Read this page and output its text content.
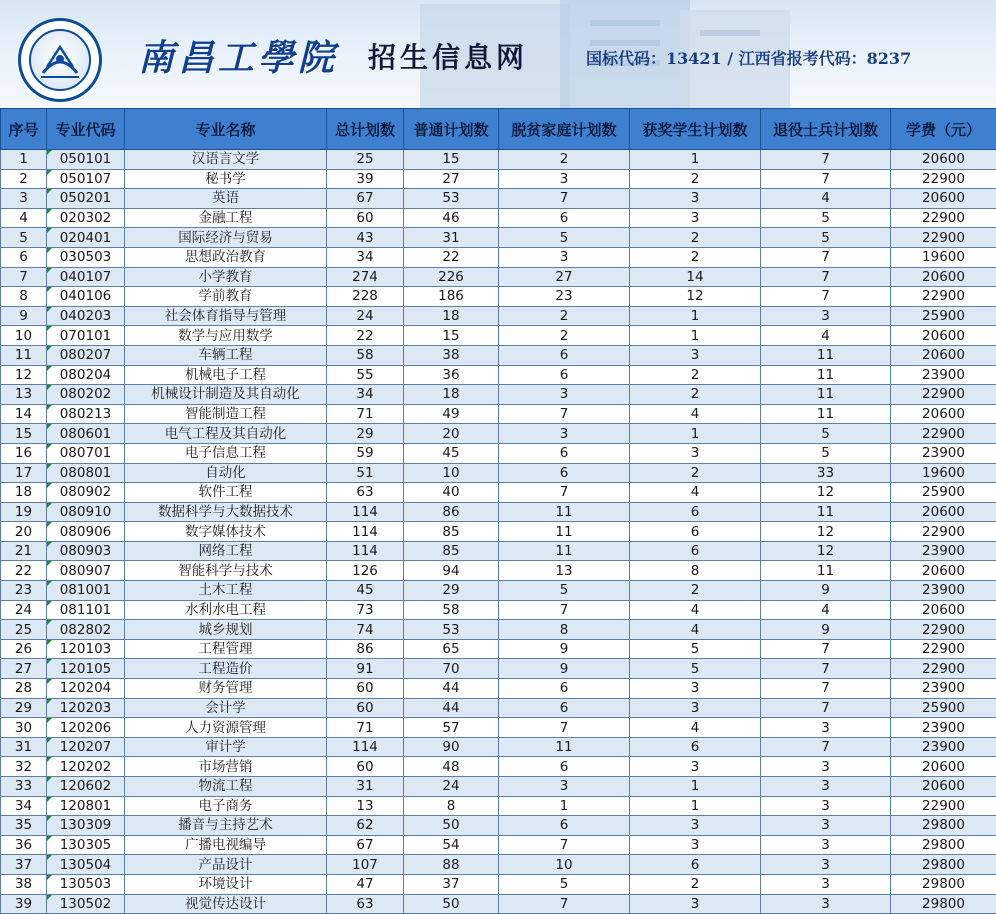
南昌工學院 招生信息网	国标代码：13421 / 江西省报考代码：8237
序号	专业代码	专业名称	总计划数	普通计划数	脱贫家庭计划数	获奖学生计划数	退役士兵计划数	学费（元）
1	050101	汉语言文学	25	15	2	1	7	20600
2	050107	秘书学	39	27	3	2	7	22900
3	050201	英语	67	53	7	3	4	20600
4	020302	金融工程	60	46	6	3	5	22900
5	020401	国际经济与贸易	43	31	5	2	5	22900
6	030503	思想政治教育	34	22	3	2	7	19600
7	040107	小学教育	274	226	27	14	7	20600
8	040106	学前教育	228	186	23	12	7	22900
9	040203	社会体育指导与管理	24	18	2	1	3	25900
10	070101	数学与应用数学	22	15	2	1	4	20600
11	080207	车辆工程	58	38	6	3	11	20600
12	080204	机械电子工程	55	36	6	2	11	23900
13	080202	机械设计制造及其自动化	34	18	3	2	11	22900
14	080213	智能制造工程	71	49	7	4	11	20600
15	080601	电气工程及其自动化	29	20	3	1	5	22900
16	080701	电子信息工程	59	45	6	3	5	23900
17	080801	自动化	51	10	6	2	33	19600
18	080902	软件工程	63	40	7	4	12	25900
19	080910	数据科学与大数据技术	114	86	11	6	11	20600
20	080906	数字媒体技术	114	85	11	6	12	22900
21	080903	网络工程	114	85	11	6	12	23900
22	080907	智能科学与技术	126	94	13	8	11	20600
23	081001	土木工程	45	29	5	2	9	23900
24	081101	水利水电工程	73	58	7	4	4	20600
25	082802	城乡规划	74	53	8	4	9	22900
26	120103	工程管理	86	65	9	5	7	22900
27	120105	工程造价	91	70	9	5	7	22900
28	120204	财务管理	60	44	6	3	7	23900
29	120203	会计学	60	44	6	3	7	25900
30	120206	人力资源管理	71	57	7	4	3	23900
31	120207	审计学	114	90	11	6	7	23900
32	120202	市场营销	60	48	6	3	3	20600
33	120602	物流工程	31	24	3	1	3	20600
34	120801	电子商务	13	8	1	1	3	22900
35	130309	播音与主持艺术	62	50	6	3	3	29800
36	130305	广播电视编导	67	54	7	3	3	29800
37	130504	产品设计	107	88	10	6	3	29800
38	130503	环境设计	47	37	5	2	3	29800
39	130502	视觉传达设计	63	50	7	3	3	29800
